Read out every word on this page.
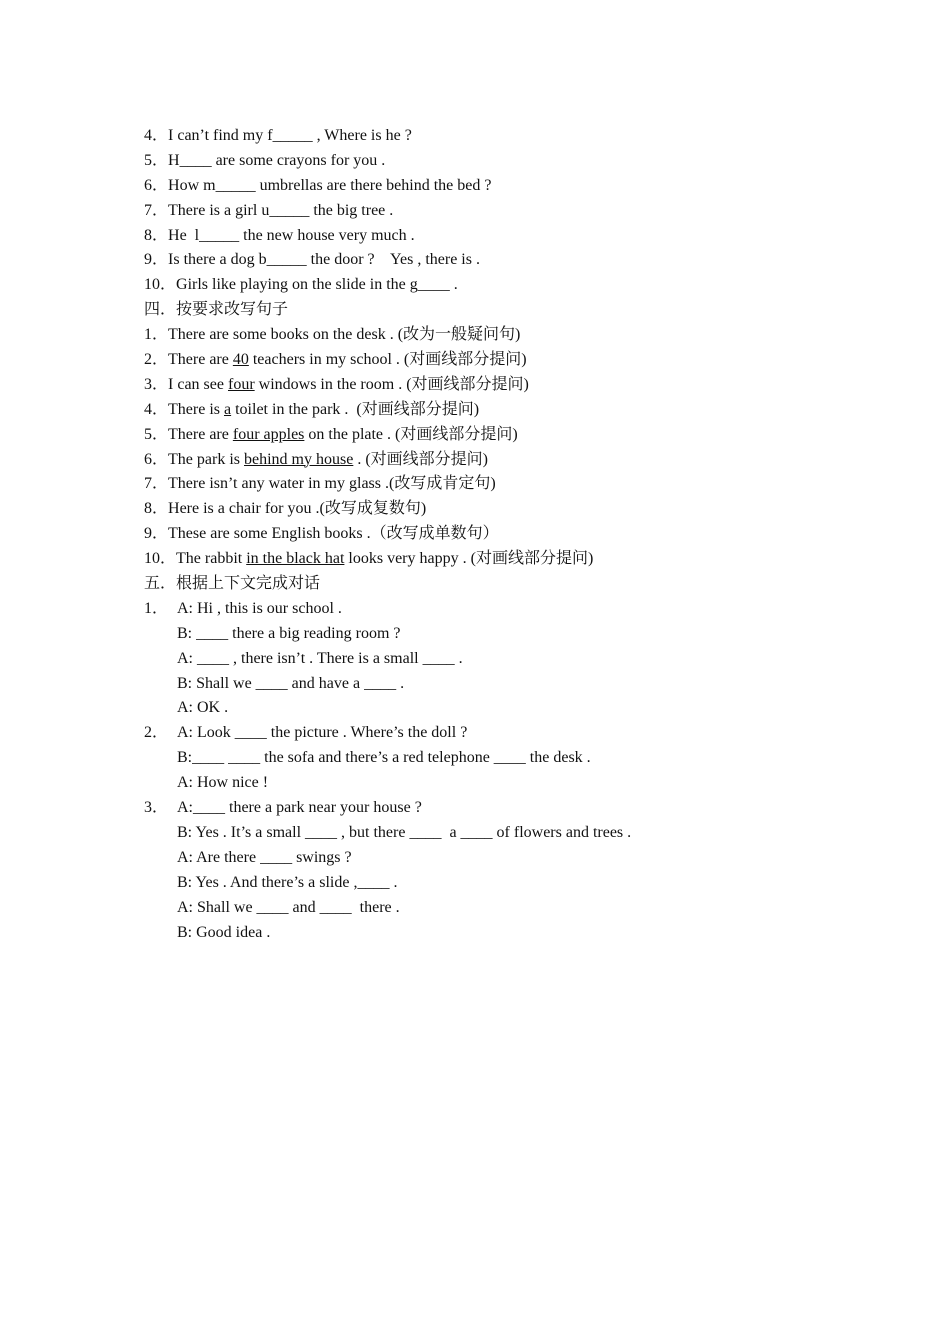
4．I can’t find my f_____ , Where is he ?
5．H____ are some crayons for you .
6．How m_____ umbrellas are there behind the bed ?
7．There is a girl u_____ the big tree .
8．He  l_____ the new house very much .
9．Is there a dog b_____ the door ?    Yes , there is .
10．Girls like playing on the slide in the g____ .
四．按要求改写句子
1．There are some books on the desk . (改为一般疑问句)
2．There are 40 teachers in my school . (对画线部分提问)
3．I can see four windows in the room . (对画线部分提问)
4．There is a toilet in the park .  (对画线部分提问)
5．There are four apples on the plate . (对画线部分提问)
6．The park is behind my house . (对画线部分提问)
7．There isn’t any water in my glass .(改写成肯定句)
8．Here is a chair for you .(改写成复数句)
9．These are some English books .（改写成单数句）
10．The rabbit in the black hat looks very happy . (对画线部分提问)
五．根据上下文完成对话
1． A: Hi , this is our school .
B: ____ there a big reading room ?
A: ____ , there isn’t . There is a small ____ .
B: Shall we ____ and have a ____ .
A: OK .
2． A: Look ____ the picture . Where’s the doll ?
B:____ ____ the sofa and there’s a red telephone ____ the desk .
A: How nice !
3． A:____ there a park near your house ?
B: Yes . It’s a small ____ , but there ____  a ____ of flowers and trees .
A: Are there ____ swings ?
B: Yes . And there’s a slide ,____ .
A: Shall we ____ and ____  there .
B: Good idea .
